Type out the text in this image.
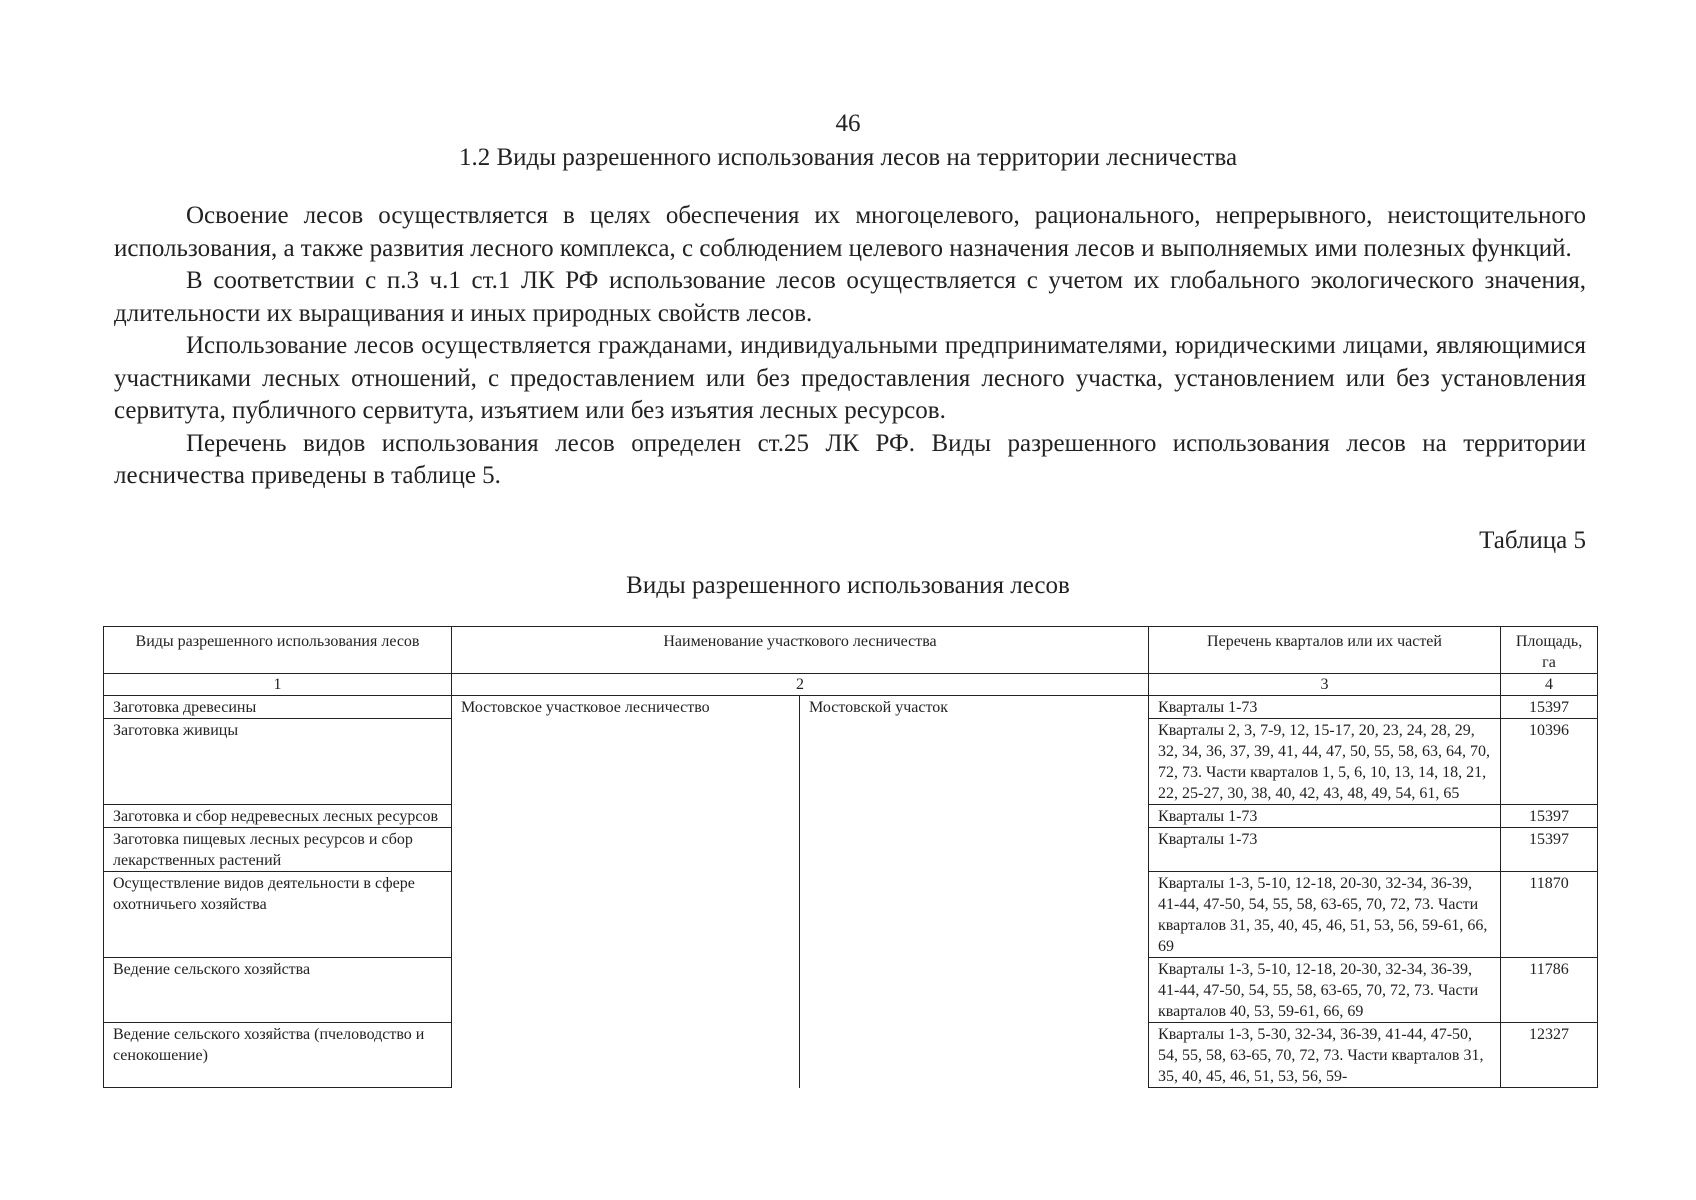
46
1.2 Виды разрешенного использования лесов на территории лесничества

Освоение лесов осуществляется в целях обеспечения их многоцелевого, рационального, непрерывного, неистощительного использования, а также развития лесного комплекса, с соблюдением целевого назначения лесов и выполняемых ими полезных функций.

В соответствии с п.3 ч.1 ст.1 ЛК РФ использование лесов осуществляется с учетом их глобального экологического значения, длительности их выращивания и иных природных свойств лесов.

Использование лесов осуществляется гражданами, индивидуальными предпринимателями, юридическими лицами, являющимися участниками лесных отношений, с предоставлением или без предоставления лесного участка, установлением или без установления сервитута, публичного сервитута, изъятием или без изъятия лесных ресурсов.

Перечень видов использования лесов определен ст.25 ЛК РФ. Виды разрешенного использования лесов на территории лесничества приведены в таблице 5.

Таблица 5
Виды разрешенного использования лесов
Виды разрешенного использования лесов	Наименование участкового лесничества		Перечень кварталов или их частей	Площадь, га
1	2		3	4
Заготовка древесины	Мостовское участковое лесничество	Мостовской участок	Кварталы 1-73	15397
Заготовка живицы			Кварталы 2, 3, 7-9, 12, 15-17, 20, 23, 24, 28, 29, 32, 34, 36, 37, 39, 41, 44, 47, 50, 55, 58, 63, 64, 70, 72, 73. Части кварталов 1, 5, 6, 10, 13, 14, 18, 21, 22, 25-27, 30, 38, 40, 42, 43, 48, 49, 54, 61, 65	10396
Заготовка и сбор недревесных лесных ресурсов			Кварталы 1-73	15397
Заготовка пищевых лесных ресурсов и сбор лекарственных растений			Кварталы 1-73	15397
Осуществление видов деятельности в сфере охотничьего хозяйства			Кварталы 1-3, 5-10, 12-18, 20-30, 32-34, 36-39, 41-44, 47-50, 54, 55, 58, 63-65, 70, 72, 73. Части кварталов 31, 35, 40, 45, 46, 51, 53, 56, 59-61, 66, 69	11870
Ведение сельского хозяйства			Кварталы 1-3, 5-10, 12-18, 20-30, 32-34, 36-39, 41-44, 47-50, 54, 55, 58, 63-65, 70, 72, 73. Части кварталов 40, 53, 59-61, 66, 69	11786
Ведение сельского хозяйства (пчеловодство и сенокошение)			Кварталы 1-3, 5-30, 32-34, 36-39, 41-44, 47-50, 54, 55, 58, 63-65, 70, 72, 73. Части кварталов 31, 35, 40, 45, 46, 51, 53, 56, 59-	12327
